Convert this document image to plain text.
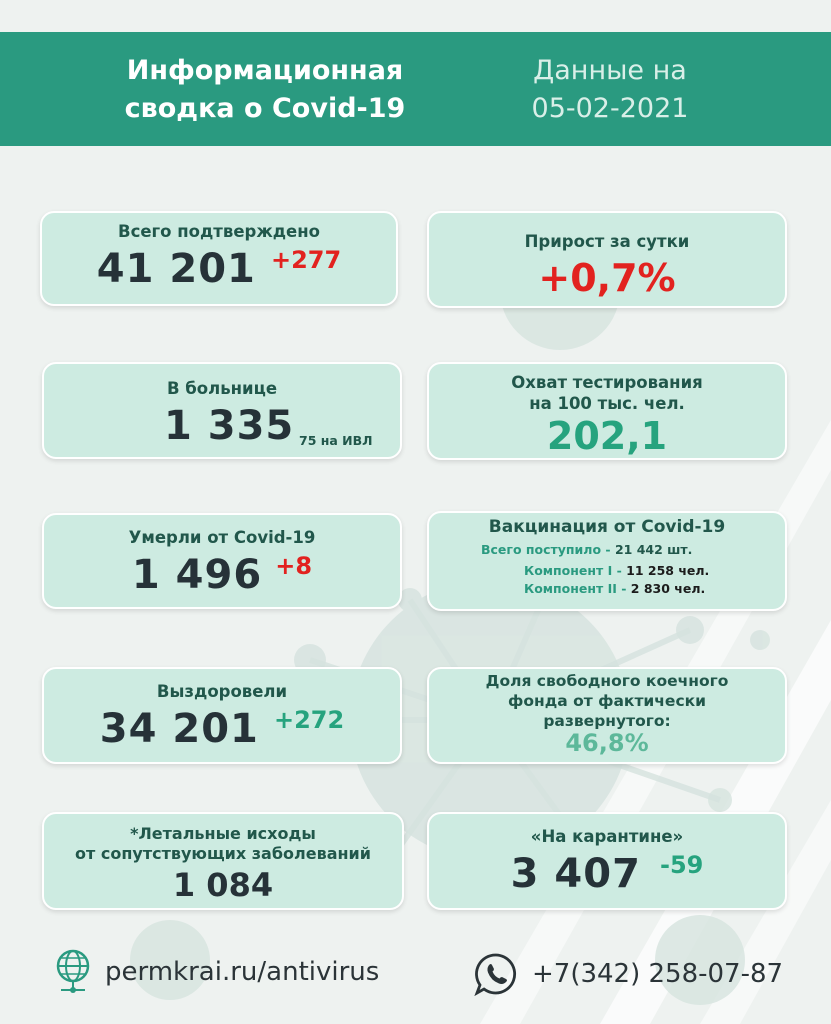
Информационная
сводка о Covid-19
Данные на
05-02-2021
Всего подтверждено
41 201 +277
Прирост за сутки
+0,7%
В больнице
1 335 75 на ИВЛ
Охват тестирования
на 100 тыс. чел.
202,1
Умерли от Covid-19
1 496 +8
Вакцинация от Covid-19
Всего поступило - 21 442 шт.
Компонент I - 11 258 чел.
Компонент II - 2 830 чел.
Выздоровели
34 201 +272
Доля свободного коечного
фонда от фактически
развернутого:
46,8%
*Летальные исходы
от сопутствующих заболеваний
1 084
«На карантине»
3 407 -59
permkrai.ru/antivirus	+7(342) 258-07-87
